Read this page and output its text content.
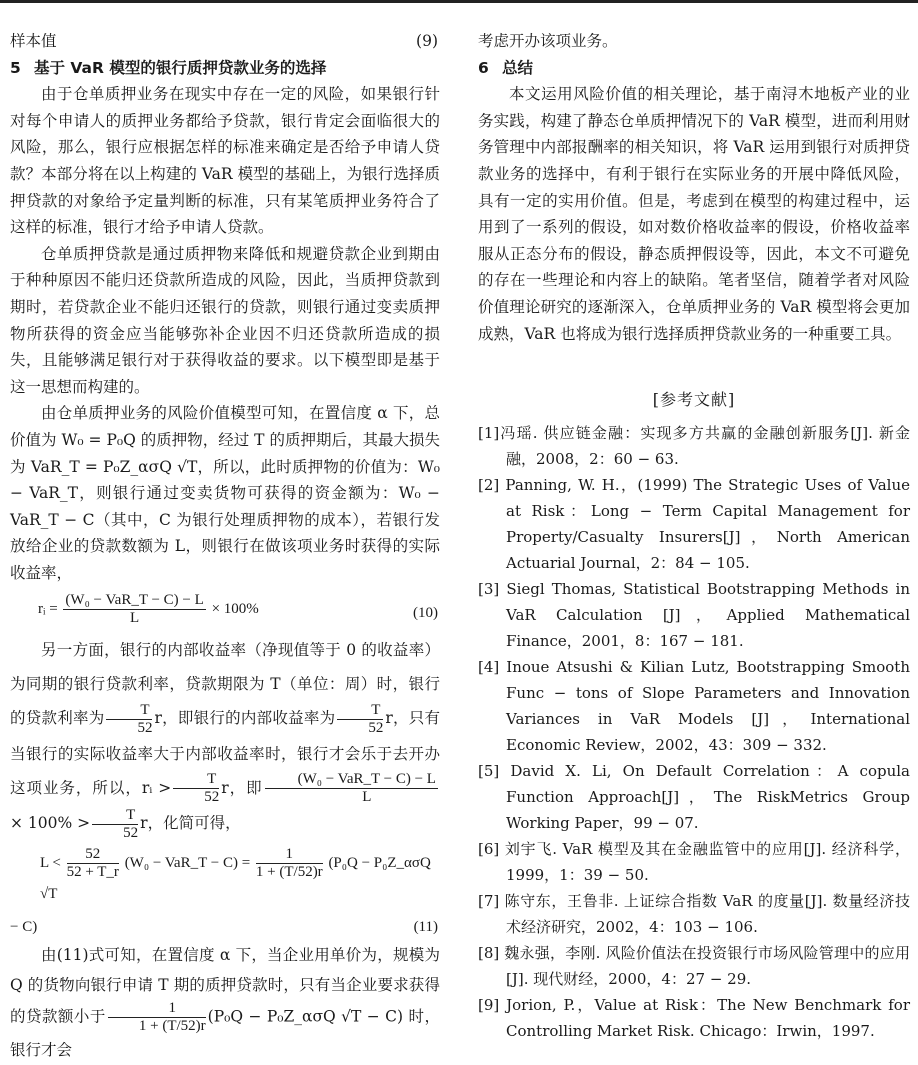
样本值	(9)
5 基于 VaR 模型的银行质押贷款业务的选择

由于仓单质押业务在现实中存在一定的风险，如果银行针对每个申请人的质押业务都给予贷款，银行肯定会面临很大的风险，那么，银行应根据怎样的标准来确定是否给予申请人贷款？本部分将在以上构建的 VaR 模型的基础上，为银行选择质押贷款的对象给予定量判断的标准，只有某笔质押业务符合了这样的标准，银行才给予申请人贷款。

仓单质押贷款是通过质押物来降低和规避贷款企业到期由于种种原因不能归还贷款所造成的风险，因此，当质押贷款到期时，若贷款企业不能归还银行的贷款，则银行通过变卖质押物所获得的资金应当能够弥补企业因不归还贷款所造成的损失，且能够满足银行对于获得收益的要求。以下模型即是基于这一思想而构建的。

由仓单质押业务的风险价值模型可知，在置信度 α 下，总价值为 W₀ = P₀Q 的质押物，经过 T 的质押期后，其最大损失为 VaR_T = P₀Z_ασQ √T，所以，此时质押物的价值为：W₀ − VaR_T，则银行通过变卖货物可获得的资金额为：W₀ − VaR_T − C（其中，C 为银行处理质押物的成本），若银行发放给企业的贷款数额为 L，则银行在做该项业务时获得的实际收益率，

rᵢ = $\frac{\text{(W₀ − VaR\_T − C) − L}}{L} \times 100\%$	(10)

另一方面，银行的内部收益率（净现值等于 0 的收益率）为同期的银行贷款利率，贷款期限为 T（单位：周）时，银行的贷款利率为 $\frac{T}{52}$ r，即银行的内部收益率为 $\frac{T}{52}$ r，只有当银行的实际收益率大于内部收益率时，银行才会乐于去开办这项业务，所以，rᵢ > $\frac{T}{52}$ r，即 $\frac{\text{(W₀ − VaR\_T − C) − L}}{L}$
× $100\% > \frac{T}{52}$ r，化简可得，

$L < \frac{52}{52 + T\_r} (W_0$ − VaR_T − $C) = \frac{1}{1 + (T/52)r} (P_0Q$ − P₀Z_ασQ √T
− C)	(11)

由(11)式可知，在置信度 α 下，当企业用单价为，规模为 Q 的货物向银行申请 T 期的质押贷款时，只有当企业要求获得的贷款额小于 $\frac{1}{1 + (T/52)r} (P_0Q$ − P₀Z_ασQ √T − C) 时，银行才会

考虑开办该项业务。

6 总结

本文运用风险价值的相关理论，基于南浔木地板产业的业务实践，构建了静态仓单质押情况下的 VaR 模型，进而利用财务管理中内部报酬率的相关知识，将 VaR 运用到银行对质押贷款业务的选择中，有利于银行在实际业务的开展中降低风险，具有一定的实用价值。但是，考虑到在模型的构建过程中，运用到了一系列的假设，如对数价格收益率的假设，价格收益率服从正态分布的假设，静态质押假设等，因此，本文不可避免的存在一些理论和内容上的缺陷。笔者坚信，随着学者对风险价值理论研究的逐渐深入，仓单质押业务的 VaR 模型将会更加成熟，VaR 也将成为银行选择质押贷款业务的一种重要工具。

[参考文献]

[1]冯瑶. 供应链金融：实现多方共赢的金融创新服务[J]. 新金融，2008，2：60 − 63.

[2] Panning, W. H.，(1999) The Strategic Uses of Value at Risk：Long − Term Capital Management for Property/Casualty Insurers[J]，North American Actuarial Journal，2：84 − 105.

[3] Siegl Thomas, Statistical Bootstrapping Methods in VaR Calculation [J]，Applied Mathematical Finance，2001，8：167 − 181.

[4] Inoue Atsushi & Kilian Lutz, Bootstrapping Smooth Func − tons of Slope Parameters and Innovation Variances in VaR Models [J]，International Economic Review，2002，43：309 − 332.

[5] David X. Li, On Default Correlation：A copula Function Approach[J]，The RiskMetrics Group Working Paper，99 − 07.

[6] 刘宇飞. VaR 模型及其在金融监管中的应用[J]. 经济科学，1999，1：39 − 50.

[7] 陈守东，王鲁非. 上证综合指数 VaR 的度量[J]. 数量经济技术经济研究，2002，4：103 − 106.

[8] 魏永强，李刚. 风险价值法在投资银行市场风险管理中的应用[J]. 现代财经，2000，4：27 − 29.

[9] Jorion, P.，Value at Risk：The New Benchmark for Controlling Market Risk. Chicago：Irwin，1997.
